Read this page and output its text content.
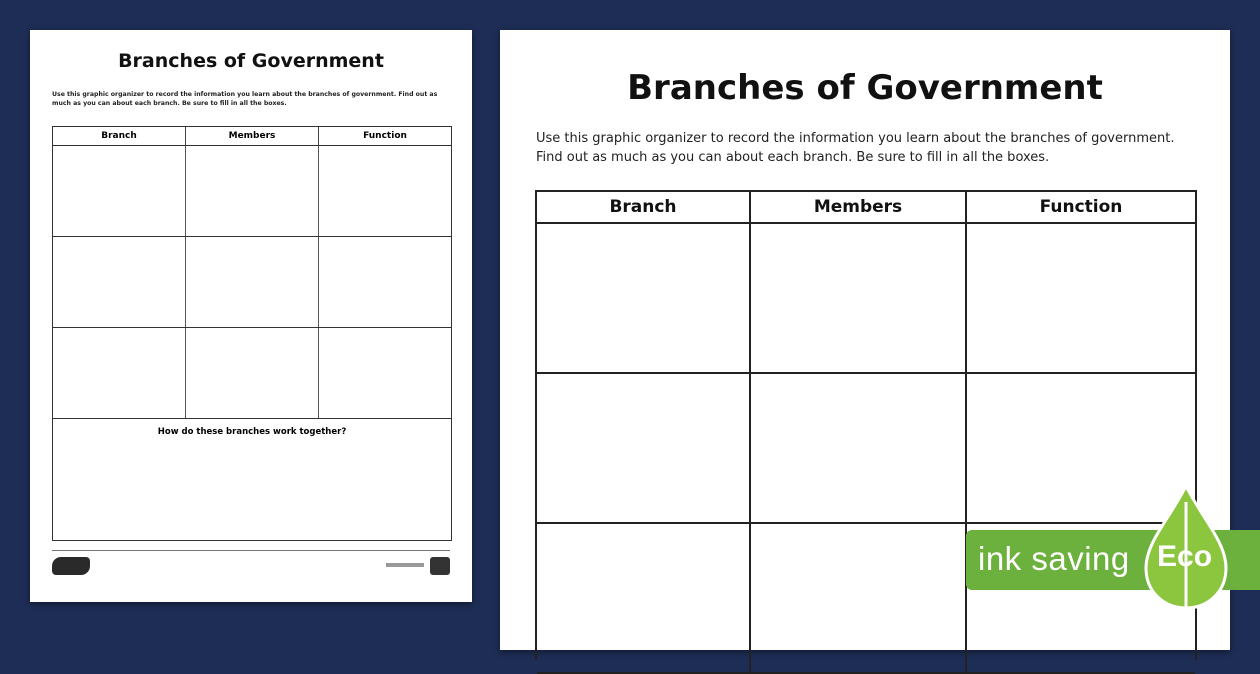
Branches of Government
Use this graphic organizer to record the information you learn about the branches of government. Find out as much as you can about each branch. Be sure to fill in all the boxes.
Branch	Members	Function
How do these branches work together?
Branches of Government
Use this graphic organizer to record the information you learn about the branches of government. Find out as much as you can about each branch. Be sure to fill in all the boxes.
Branch	Members	Function
ink saving Eco
